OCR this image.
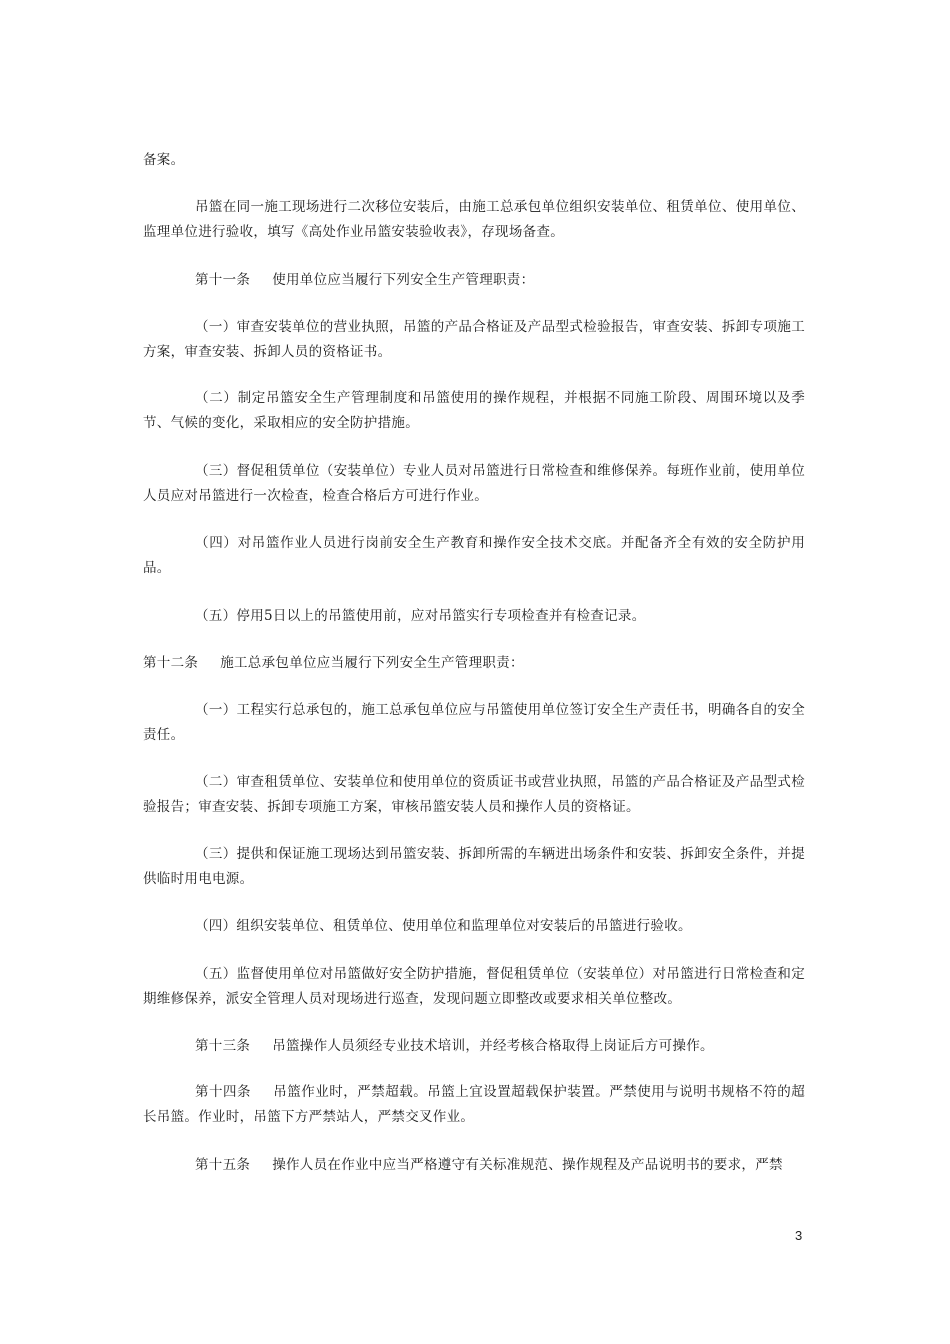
备案。

吊篮在同一施工现场进行二次移位安装后，由施工总承包单位组织安装单位、租赁单位、使用单位、监理单位进行验收，填写《高处作业吊篮安装验收表》，存现场备查。

第十一条 使用单位应当履行下列安全生产管理职责：

（一）审查安装单位的营业执照，吊篮的产品合格证及产品型式检验报告，审查安装、拆卸专项施工方案，审查安装、拆卸人员的资格证书。

（二）制定吊篮安全生产管理制度和吊篮使用的操作规程，并根据不同施工阶段、周围环境以及季节、气候的变化，采取相应的安全防护措施。

（三）督促租赁单位（安装单位）专业人员对吊篮进行日常检查和维修保养。每班作业前，使用单位人员应对吊篮进行一次检查，检查合格后方可进行作业。

（四）对吊篮作业人员进行岗前安全生产教育和操作安全技术交底。并配备齐全有效的安全防护用品。

（五）停用5日以上的吊篮使用前，应对吊篮实行专项检查并有检查记录。

第十二条 施工总承包单位应当履行下列安全生产管理职责：

（一）工程实行总承包的，施工总承包单位应与吊篮使用单位签订安全生产责任书，明确各自的安全责任。

（二）审查租赁单位、安装单位和使用单位的资质证书或营业执照，吊篮的产品合格证及产品型式检验报告；审查安装、拆卸专项施工方案，审核吊篮安装人员和操作人员的资格证。

（三）提供和保证施工现场达到吊篮安装、拆卸所需的车辆进出场条件和安装、拆卸安全条件，并提供临时用电电源。

（四）组织安装单位、租赁单位、使用单位和监理单位对安装后的吊篮进行验收。

（五）监督使用单位对吊篮做好安全防护措施，督促租赁单位（安装单位）对吊篮进行日常检查和定期维修保养，派安全管理人员对现场进行巡查，发现问题立即整改或要求相关单位整改。

第十三条 吊篮操作人员须经专业技术培训，并经考核合格取得上岗证后方可操作。

第十四条 吊篮作业时，严禁超载。吊篮上宜设置超载保护装置。严禁使用与说明书规格不符的超长吊篮。作业时，吊篮下方严禁站人，严禁交叉作业。

第十五条 操作人员在作业中应当严格遵守有关标准规范、操作规程及产品说明书的要求，严禁

3
